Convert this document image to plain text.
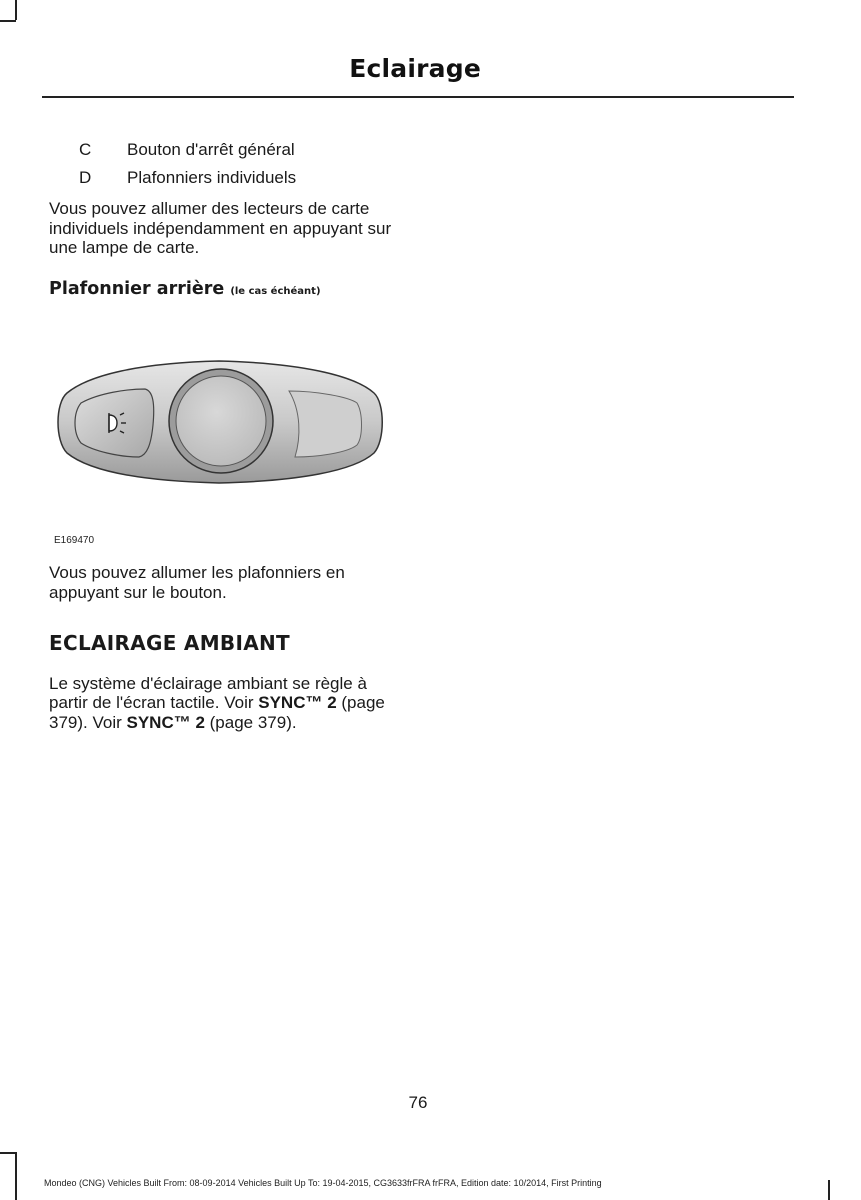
Eclairage
C	Bouton d'arrêt général
D	Plafonniers individuels

Vous pouvez allumer des lecteurs de carte individuels indépendamment en appuyant sur une lampe de carte.

Plafonnier arrière (le cas échéant)
E169470

Vous pouvez allumer les plafonniers en appuyant sur le bouton.

ECLAIRAGE AMBIANT

Le système d'éclairage ambiant se règle à partir de l'écran tactile. Voir SYNC™ 2 (page 379). Voir SYNC™ 2 (page 379).

76
Mondeo (CNG) Vehicles Built From: 08-09-2014 Vehicles Built Up To: 19-04-2015, CG3633frFRA frFRA, Edition date: 10/2014, First Printing
